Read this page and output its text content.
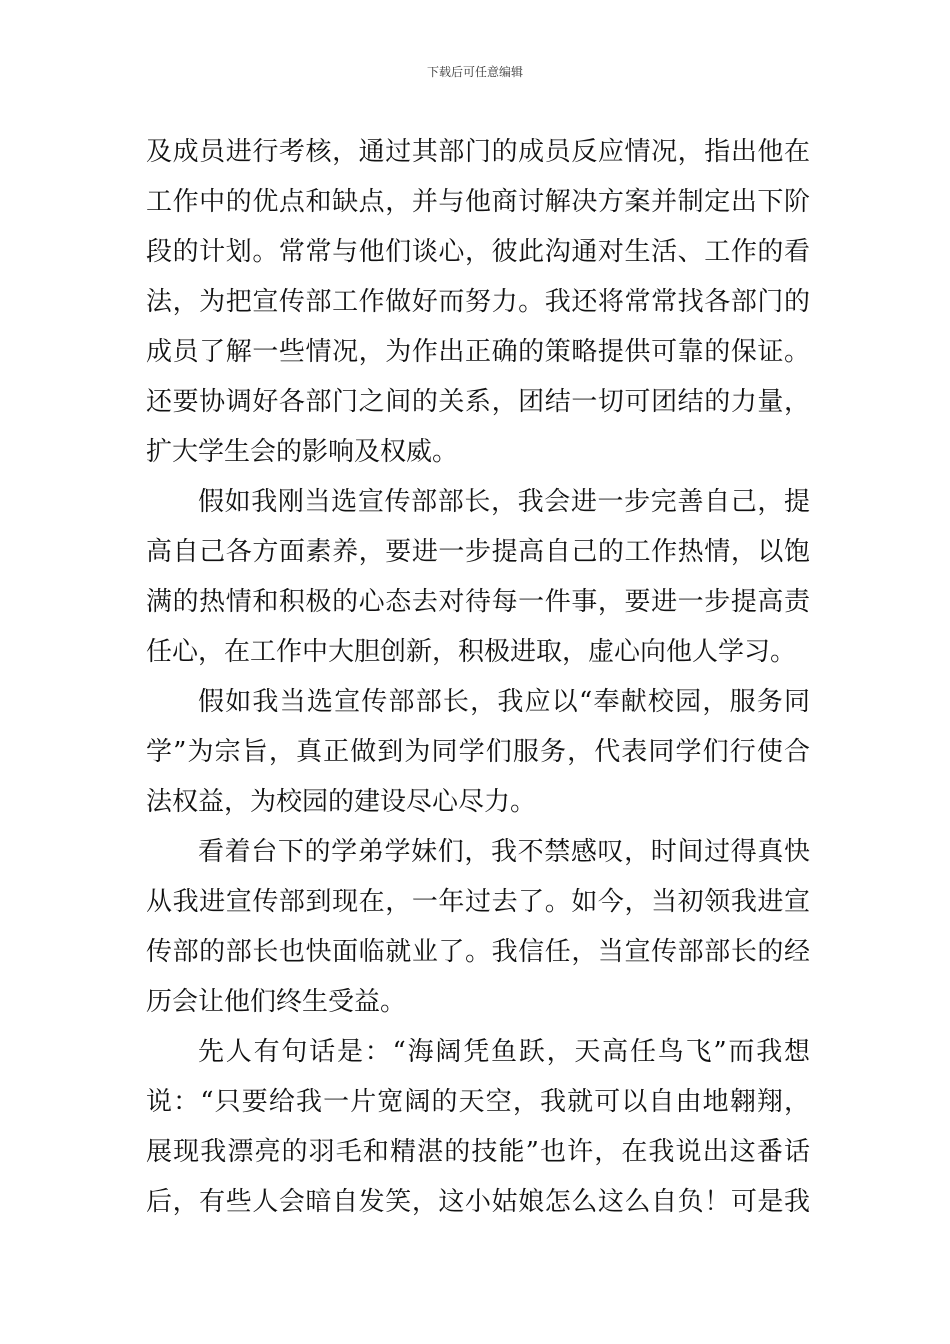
下载后可任意编辑
及成员进行考核，通过其部门的成员反应情况，指出他在
工作中的优点和缺点，并与他商讨解决方案并制定出下阶
段的计划。常常与他们谈心，彼此沟通对生活、工作的看
法，为把宣传部工作做好而努力。我还将常常找各部门的
成员了解一些情况，为作出正确的策略提供可靠的保证。
还要协调好各部门之间的关系，团结一切可团结的力量，
扩大学生会的影响及权威。
假如我刚当选宣传部部长，我会进一步完善自己，提
高自己各方面素养，要进一步提高自己的工作热情，以饱
满的热情和积极的心态去对待每一件事，要进一步提高责
任心，在工作中大胆创新，积极进取，虚心向他人学习。
假如我当选宣传部部长，我应以“奉献校园，服务同
学”为宗旨，真正做到为同学们服务，代表同学们行使合
法权益，为校园的建设尽心尽力。
看着台下的学弟学妹们，我不禁感叹，时间过得真快
从我进宣传部到现在，一年过去了。如今，当初领我进宣
传部的部长也快面临就业了。我信任，当宣传部部长的经
历会让他们终生受益。
先人有句话是：“海阔凭鱼跃，天高任鸟飞”而我想
说：“只要给我一片宽阔的天空，我就可以自由地翱翔，
展现我漂亮的羽毛和精湛的技能”也许，在我说出这番话
后，有些人会暗自发笑，这小姑娘怎么这么自负！可是我
